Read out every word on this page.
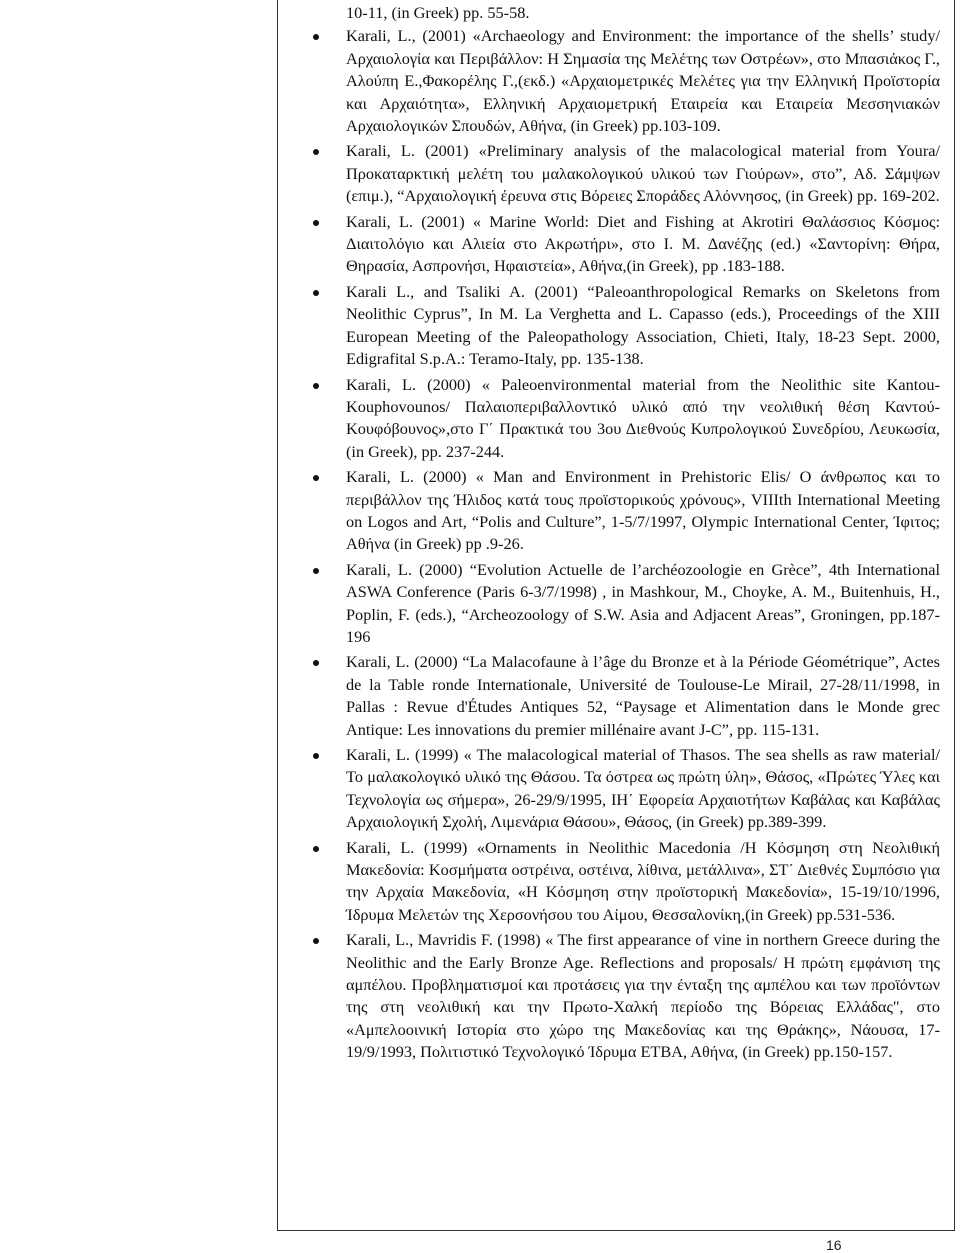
10-11, (in Greek) pp. 55-58.

Karali, L., (2001) «Archaeology and Environment: the importance of the shells’ study/Αρχαιολογία και Περιβάλλον: Η Σημασία της Μελέτης των Οστρέων», στο Μπασιάκος Γ., Αλούπη Ε.,Φακορέλης Γ.,(εκδ.) «Αρχαιομετρικές Μελέτες για την Ελληνική Προϊστορία και Αρχαιότητα», Ελληνική Αρχαιομετρική Εταιρεία και Εταιρεία Μεσσηνιακών Αρχαιολογικών Σπουδών, Αθήνα, (in Greek) pp.103-109.
Karali, L. (2001) «Preliminary analysis of the malacological material from Youra/ Προκαταρκτική μελέτη του μαλακολογικού υλικού των Γιούρων», στο”, Αδ. Σάμψων (επιμ.), “Αρχαιολογική έρευνα στις Βόρειες Σποράδες Αλόννησος, (in Greek) pp. 169-202.
Karali, L. (2001) « Marine World: Diet and Fishing at Akrotiri Θαλάσσιος Κόσμος: Διαιτολόγιο και Αλιεία στο Ακρωτήρι», στο Ι. Μ. Δανέζης (ed.) «Σαντορίνη: Θήρα, Θηρασία, Ασπρονήσι, Ηφαιστεία», Αθήνα,(in Greek), pp .183-188.
Karali L., and Tsaliki A. (2001) “Paleoanthropological Remarks on Skeletons from Neolithic Cyprus”, In M. La Verghetta and L. Capasso (eds.), Proceedings of the XIII European Meeting of the Paleopathology Association, Chieti, Italy, 18-23 Sept. 2000, Edigrafital S.p.A.: Teramo-Italy, pp. 135-138.
Karali, L. (2000) « Paleoenvironmental material from the Neolithic site Kantou-Kouphovounos/ Παλαιοπεριβαλλοντικό υλικό από την νεολιθική θέση Καντού-Κουφόβουνος»,στο Γ΄ Πρακτικά του 3ου Διεθνούς Κυπρολογικού Συνεδρίου, Λευκωσία, (in Greek), pp. 237-244.
Karali, L. (2000) « Man and Environment in Prehistoric Elis/ Ο άνθρωπος και το περιβάλλον της Ήλιδος κατά τους προϊστορικούς χρόνους», VIIIth International Meeting on Logos and Art, “Polis and Culture”, 1-5/7/1997, Olympic International Center, Ίφιτος; Αθήνα (in Greek) pp .9-26.
Karali, L. (2000) “Evolution Actuelle de l’archéozoologie en Grèce”, 4th International ASWA Conference (Paris 6-3/7/1998) , in Mashkour, M., Choyke, A. M., Buitenhuis, H., Poplin, F. (eds.), “Archeozoology of S.W. Asia and Adjacent Areas”, Groningen, pp.187-196
Karali, L. (2000) “La Malacofaune à l’âge du Bronze et à la Période Géométrique”, Actes de la Table ronde Internationale, Université de Toulouse-Le Mirail, 27-28/11/1998, in Pallas : Revue d'Études Antiques 52, “Paysage et Alimentation dans le Monde grec Antique: Les innovations du premier millénaire avant J-C”, pp. 115-131.
Karali, L. (1999) « The malacological material of Thasos. The sea shells as raw material/ Το μαλακολογικό υλικό της Θάσου. Τα όστρεα ως πρώτη ύλη», Θάσος, «Πρώτες Ύλες και Τεχνολογία ως σήμερα», 26-29/9/1995, ΙΗ΄ Εφορεία Αρχαιοτήτων Καβάλας και Καβάλας Αρχαιολογική Σχολή, Λιμενάρια Θάσου», Θάσος, (in Greek) pp.389-399.
Karali, L. (1999) «Ornaments in Neolithic Macedonia /Η Κόσμηση στη Νεολιθική Μακεδονία: Κοσμήματα οστρέινα, οστέινα, λίθινα, μετάλλινα», ΣΤ΄ Διεθνές Συμπόσιο για την Αρχαία Μακεδονία, «Η Κόσμηση στην προϊστορική Μακεδονία», 15-19/10/1996, Ίδρυμα Μελετών της Χερσονήσου του Αίμου, Θεσσαλονίκη,(in Greek) pp.531-536.
Karali, L., Mavridis F. (1998) « The first appearance of vine in northern Greece during the Neolithic and the Early Bronze Age. Reflections and proposals/ Η πρώτη εμφάνιση της αμπέλου. Προβληματισμοί και προτάσεις για την ένταξη της αμπέλου και των προϊόντων της στη νεολιθική και την Πρωτο-Χαλκή περίοδο της Βόρειας Ελλάδας", στο «Αμπελοοινική Ιστορία στο χώρο της Μακεδονίας και της Θράκης», Νάουσα, 17-19/9/1993, Πολιτιστικό Τεχνολογικό Ίδρυμα ΕΤΒΑ, Αθήνα, (in Greek) pp.150-157.
16
